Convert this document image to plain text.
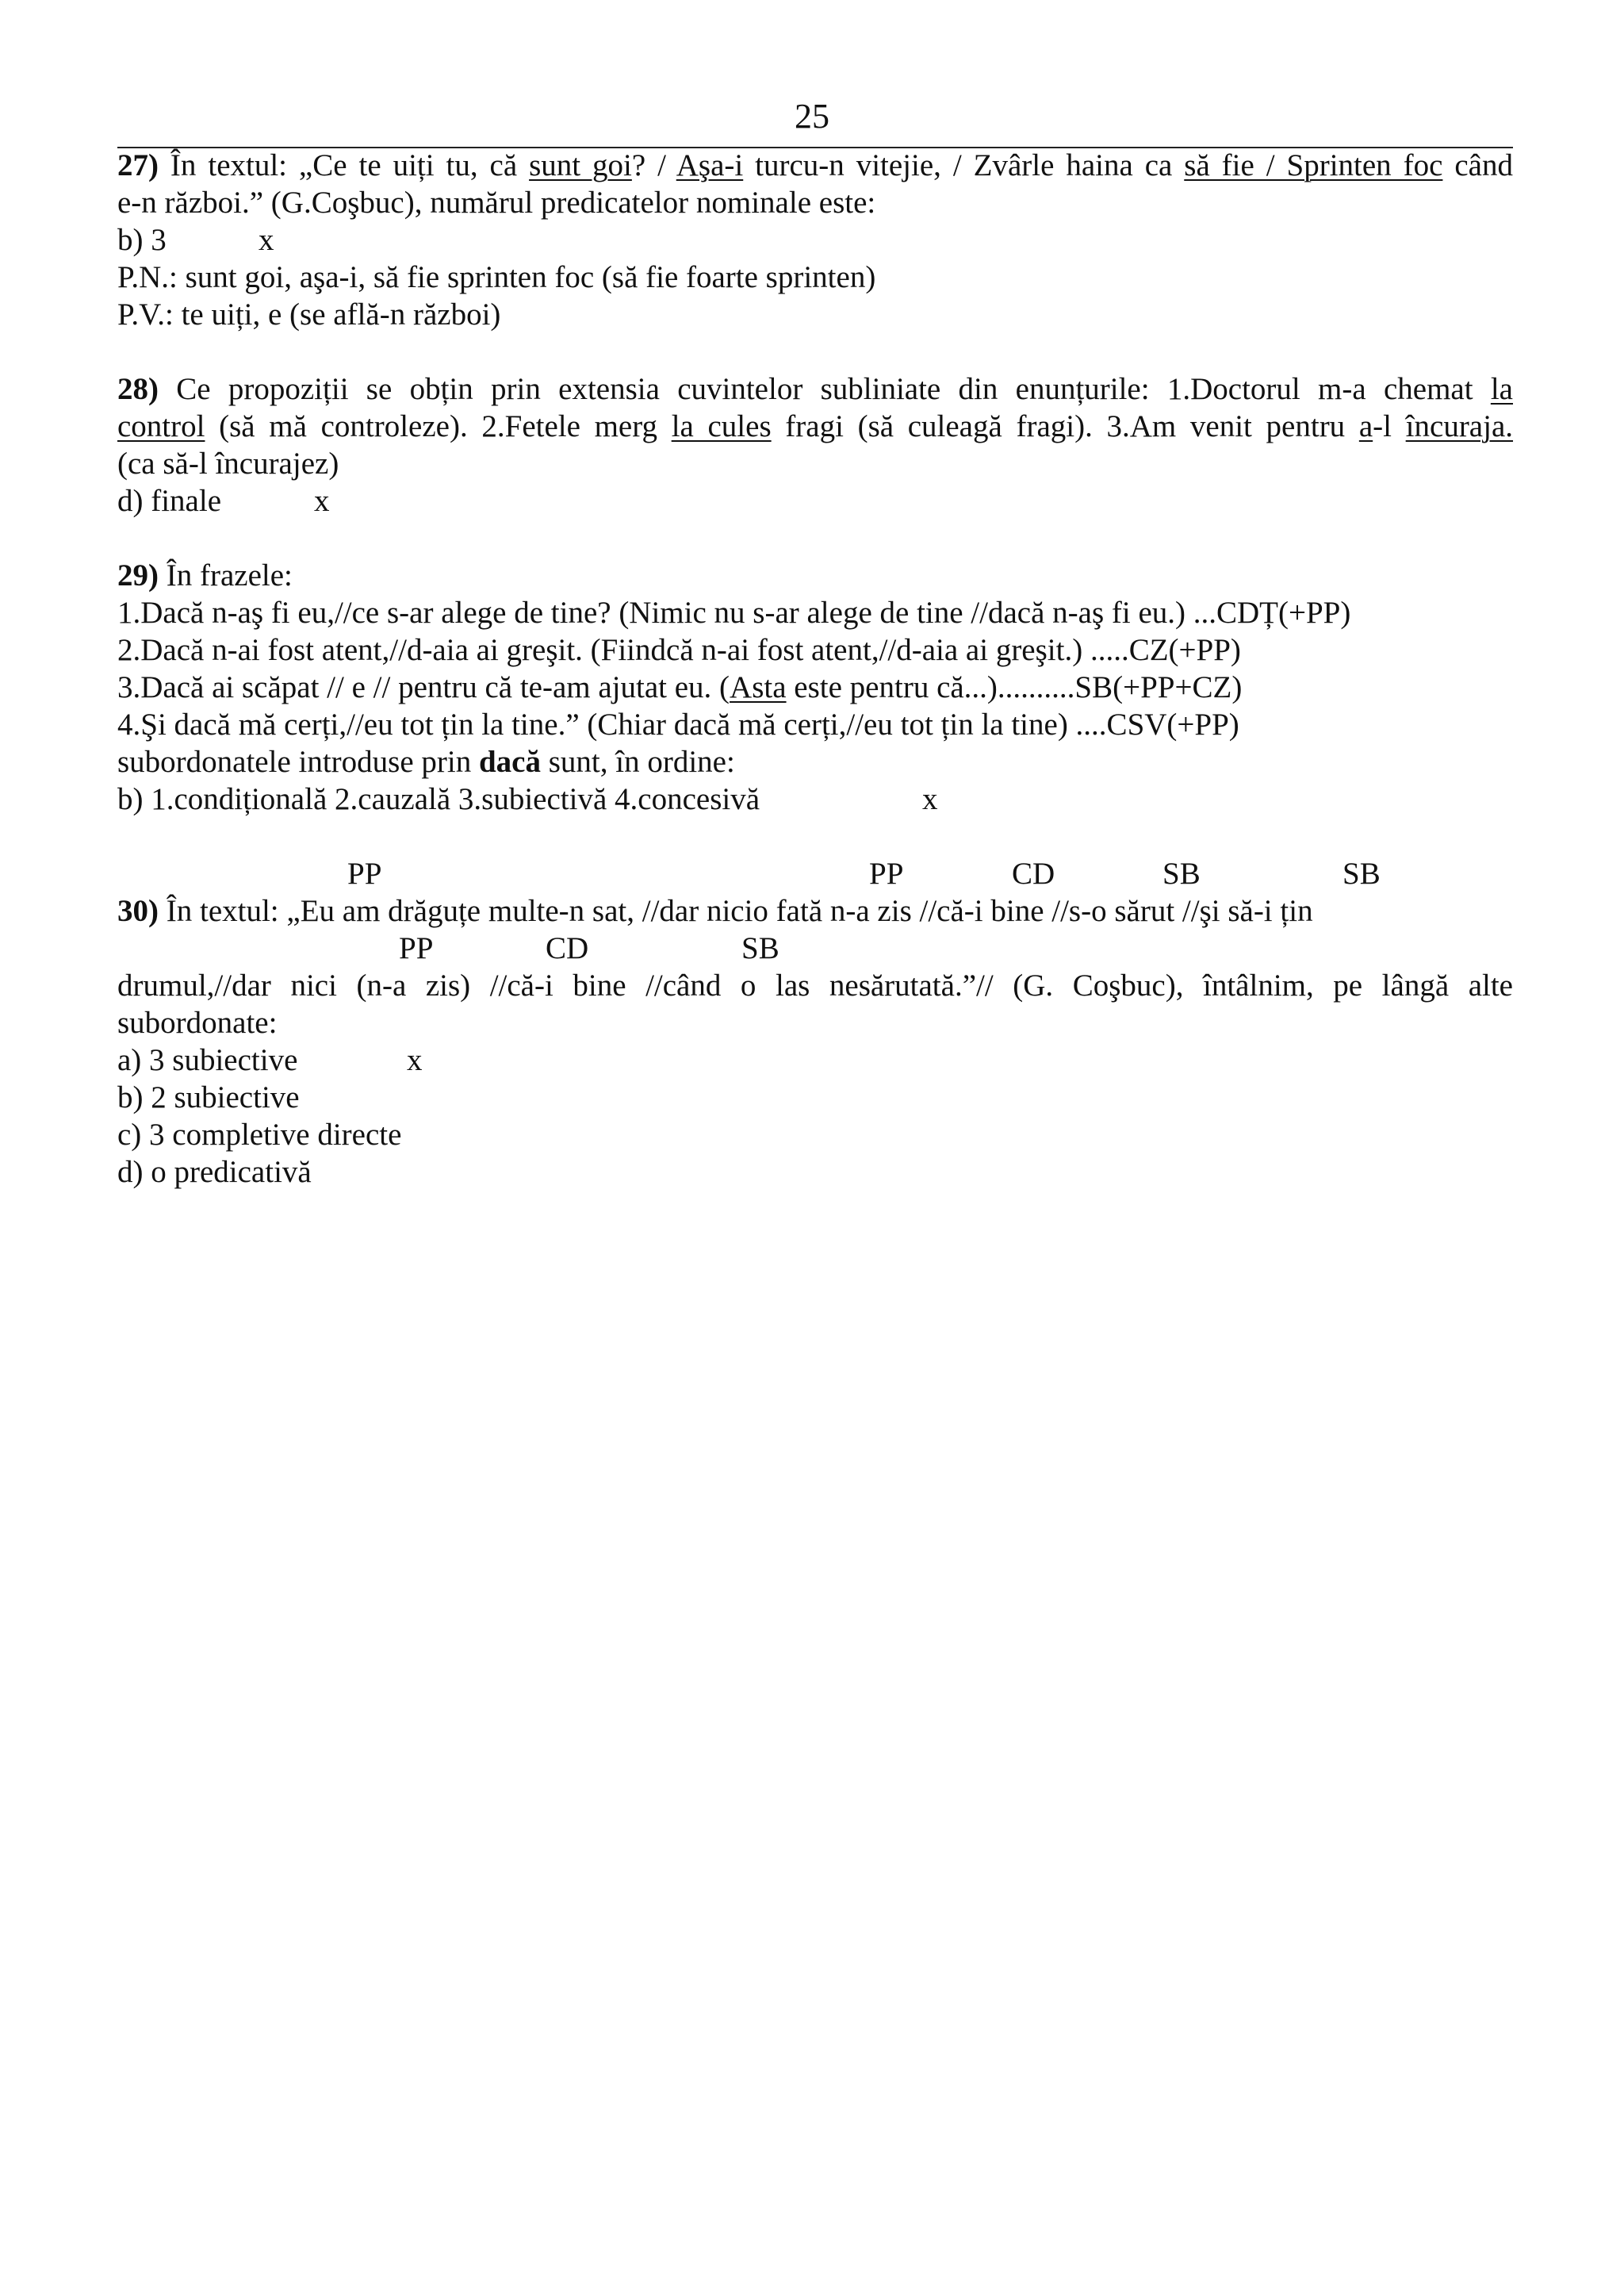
25
27) În textul: „Ce te uiți tu, că sunt goi? / Aşa-i turcu-n vitejie, / Zvârle haina ca să fie / Sprinten foc când
e-n război.” (G.Coşbuc), numărul predicatelor nominale este:
b) 3	x
P.N.: sunt goi, aşa-i, să fie sprinten foc (să fie foarte sprinten)
P.V.: te uiți, e (se află-n război)
28) Ce propoziții se obțin prin extensia cuvintelor subliniate din enunțurile: 1.Doctorul m-a chemat la
control (să mă controleze). 2.Fetele merg la cules fragi (să culeagă fragi). 3.Am venit pentru a-l încuraja.
(ca să-l încurajez)
d) finale	x
29) În frazele:
1.Dacă n-aş fi eu,//ce s-ar alege de tine? (Nimic nu s-ar alege de tine //dacă n-aş fi eu.) ...CDȚ(+PP)
2.Dacă n-ai fost atent,//d-aia ai greşit. (Fiindcă n-ai fost atent,//d-aia ai greşit.) .....CZ(+PP)
3.Dacă ai scăpat // e // pentru că te-am ajutat eu. (Asta este pentru că...)..........SB(+PP+CZ)
4.Şi dacă mă cerți,//eu tot țin la tine.” (Chiar dacă mă cerți,//eu tot țin la tine) ....CSV(+PP)
subordonatele introduse prin dacă sunt, în ordine:
b) 1.condițională 2.cauzală 3.subiectivă 4.concesivă	x
PP	PP	CD	SB	SB
30) În textul: „Eu am drăguțe multe-n sat, //dar nicio fată n-a zis //că-i bine //s-o sărut //şi să-i țin
PP	CD	SB
drumul,//dar nici (n-a zis) //că-i bine //când o las nesărutată.”// (G. Coşbuc), întâlnim, pe lângă alte
subordonate:
a) 3 subiective	x
b) 2 subiective
c) 3 completive directe
d) o predicativă
